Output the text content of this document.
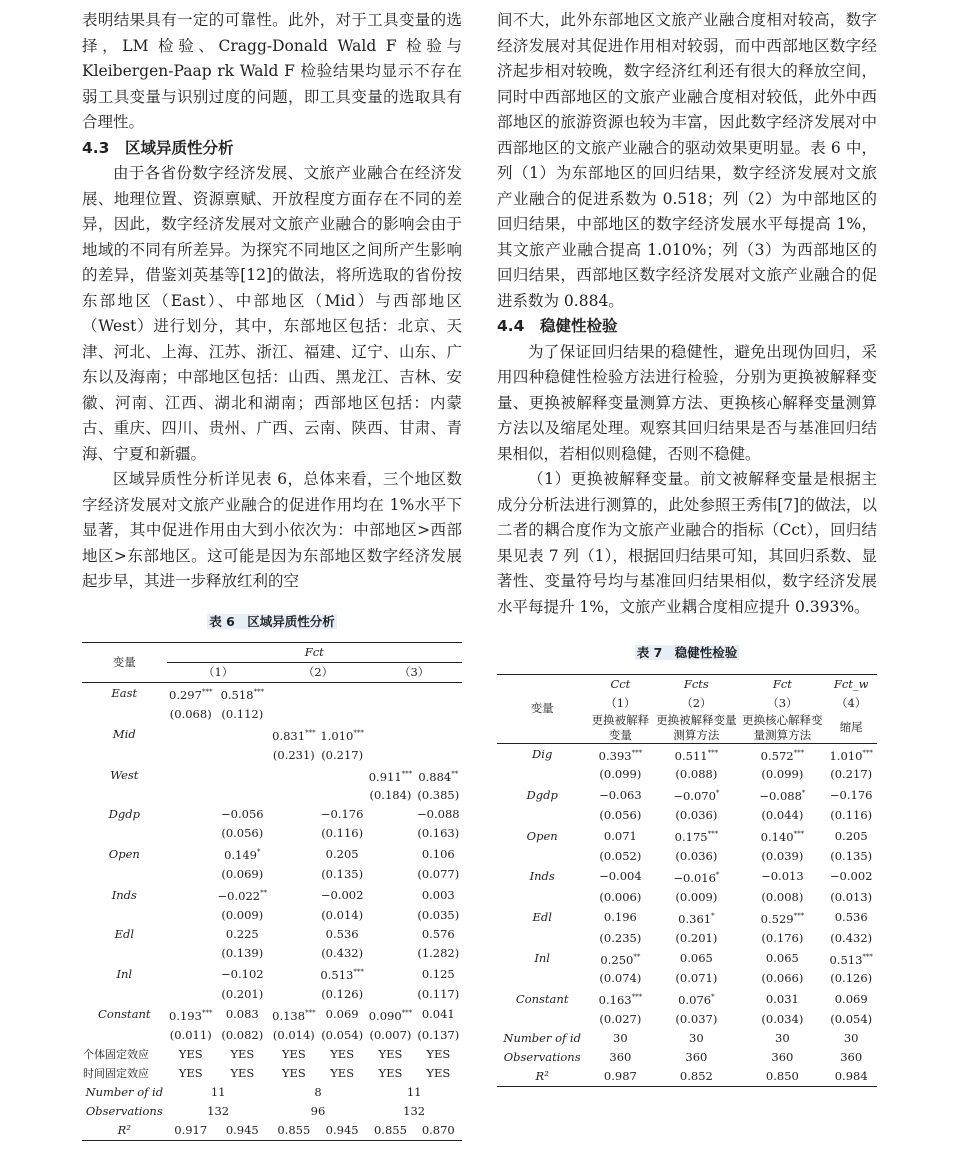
表明结果具有一定的可靠性。此外，对于工具变量的选择，LM 检验、Cragg-Donald Wald F 检验与 Kleibergen-Paap rk Wald F 检验结果均显示不存在弱工具变量与识别过度的问题，即工具变量的选取具有合理性。

4.3　区域异质性分析

由于各省份数字经济发展、文旅产业融合在经济发展、地理位置、资源禀赋、开放程度方面存在不同的差异，因此，数字经济发展对文旅产业融合的影响会由于地域的不同有所差异。为探究不同地区之间所产生影响的差异，借鉴刘英基等[12]的做法，将所选取的省份按东部地区（East）、中部地区（Mid）与西部地区（West）进行划分，其中，东部地区包括：北京、天津、河北、上海、江苏、浙江、福建、辽宁、山东、广东以及海南；中部地区包括：山西、黑龙江、吉林、安徽、河南、江西、湖北和湖南；西部地区包括：内蒙古、重庆、四川、贵州、广西、云南、陕西、甘肃、青海、宁夏和新疆。

区域异质性分析详见表 6，总体来看，三个地区数字经济发展对文旅产业融合的促进作用均在 1%水平下显著，其中促进作用由大到小依次为：中部地区>西部地区>东部地区。这可能是因为东部地区数字经济发展起步早，其进一步释放红利的空

表 6　区域异质性分析
变量	Fct					
	（1）		（2）		（3）	
East	0.297***	0.518***				
	(0.068)	(0.112)				
Mid			0.831***	1.010***		
			(0.231)	(0.217)		
West					0.911***	0.884**
					(0.184)	(0.385)
Dgdp		−0.056		−0.176		−0.088
		(0.056)		(0.116)		(0.163)
Open		0.149*		0.205		0.106
		(0.069)		(0.135)		(0.077)
Inds		−0.022**		−0.002		0.003
		(0.009)		(0.014)		(0.035)
Edl		0.225		0.536		0.576
		(0.139)		(0.432)		(1.282)
Inl		−0.102		0.513***		0.125
		(0.201)		(0.126)		(0.117)
Constant	0.193***	0.083	0.138***	0.069	0.090***	0.041
	(0.011)	(0.082)	(0.014)	(0.054)	(0.007)	(0.137)
个体固定效应	YES	YES	YES	YES	YES	YES
时间固定效应	YES	YES	YES	YES	YES	YES
Number of id	11		8		11	
Observations	132		96		132	
R²	0.917	0.945	0.855	0.945	0.855	0.870

间不大，此外东部地区文旅产业融合度相对较高，数字经济发展对其促进作用相对较弱，而中西部地区数字经济起步相对较晚，数字经济红利还有很大的释放空间，同时中西部地区的文旅产业融合度相对较低，此外中西部地区的旅游资源也较为丰富，因此数字经济发展对中西部地区的文旅产业融合的驱动效果更明显。表 6 中，列（1）为东部地区的回归结果，数字经济发展对文旅产业融合的促进系数为 0.518；列（2）为中部地区的回归结果，中部地区的数字经济发展水平每提高 1%，其文旅产业融合提高 1.010%；列（3）为西部地区的回归结果，西部地区数字经济发展对文旅产业融合的促进系数为 0.884。

4.4　稳健性检验

为了保证回归结果的稳健性，避免出现伪回归，采用四种稳健性检验方法进行检验，分别为更换被解释变量、更换被解释变量测算方法、更换核心解释变量测算方法以及缩尾处理。观察其回归结果是否与基准回归结果相似，若相似则稳健，否则不稳健。

（1）更换被解释变量。前文被解释变量是根据主成分分析法进行测算的，此处参照王秀伟[7]的做法，以二者的耦合度作为文旅产业融合的指标（Cct），回归结果见表 7 列（1），根据回归结果可知，其回归系数、显著性、变量符号均与基准回归结果相似，数字经济发展水平每提升 1%，文旅产业耦合度相应提升 0.393%。

表 7　稳健性检验
变量	Cct	Fcts	Fct	Fct_w
	（1）	（2）	（3）	（4）
	更换被解释变量	更换被解释变量测算方法	更换核心解释变量测算方法	缩尾
Dig	0.393***	0.511***	0.572***	1.010***
	(0.099)	(0.088)	(0.099)	(0.217)
Dgdp	−0.063	−0.070*	−0.088*	−0.176
	(0.056)	(0.036)	(0.044)	(0.116)
Open	0.071	0.175***	0.140***	0.205
	(0.052)	(0.036)	(0.039)	(0.135)
Inds	−0.004	−0.016*	−0.013	−0.002
	(0.006)	(0.009)	(0.008)	(0.013)
Edl	0.196	0.361*	0.529***	0.536
	(0.235)	(0.201)	(0.176)	(0.432)
Inl	0.250**	0.065	0.065	0.513***
	(0.074)	(0.071)	(0.066)	(0.126)
Constant	0.163***	0.076*	0.031	0.069
	(0.027)	(0.037)	(0.034)	(0.054)
Number of id	30	30	30	30
Observations	360	360	360	360
R²	0.987	0.852	0.850	0.984
